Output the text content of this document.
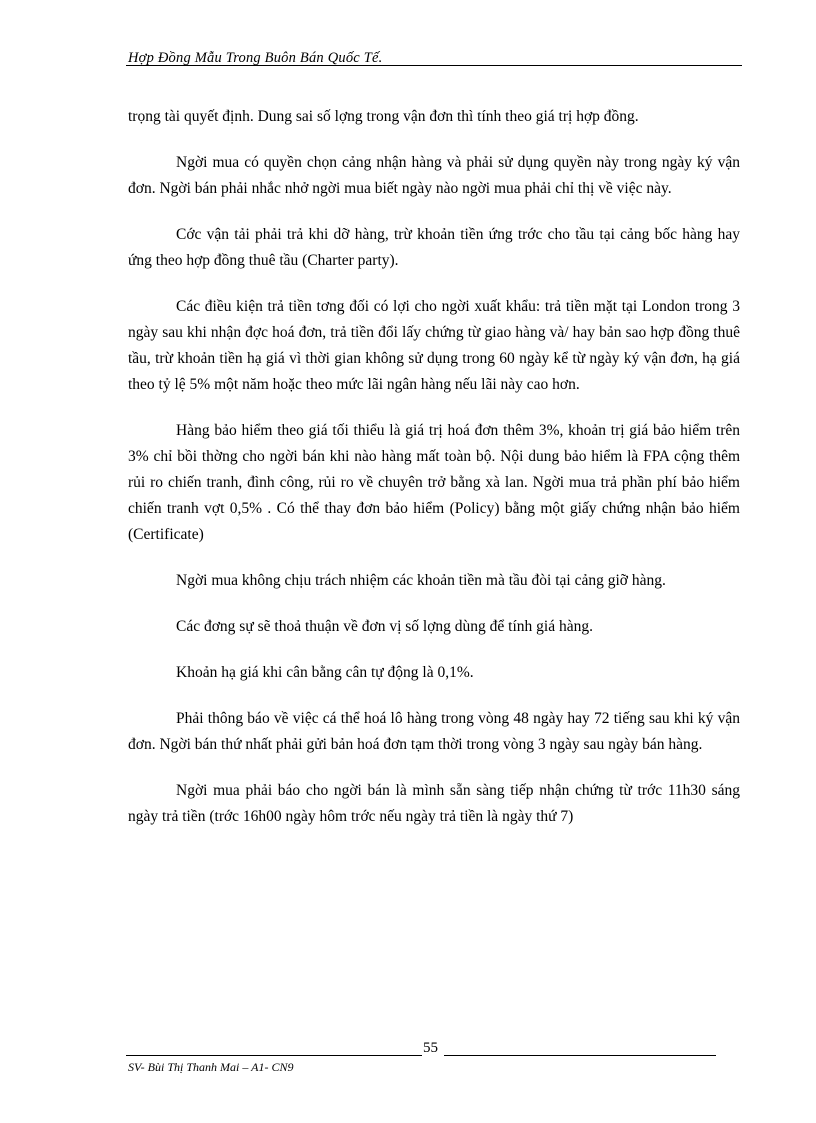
Hợp Đồng Mẫu Trong Buôn Bán Quốc Tế.

trọng tài quyết định. Dung sai số lợng trong vận đơn thì tính theo giá trị hợp đồng.

Ngời mua có quyền chọn cảng nhận hàng và phải sử dụng quyền này trong ngày ký vận đơn. Ngời bán phải nhắc nhở ngời mua biết ngày nào ngời mua phải chỉ thị về việc này.

Cớc vận tải phải trả khi dỡ hàng, trừ khoản tiền ứng trớc cho tầu tại cảng bốc hàng hay ứng theo hợp đồng thuê tầu (Charter party).

Các điều kiện trả tiền tơng đối có lợi cho ngời xuất khẩu: trả tiền mặt tại London trong 3 ngày sau khi nhận đợc hoá đơn, trả tiền đổi lấy chứng từ giao hàng và/ hay bản sao hợp đồng thuê tầu, trừ khoản tiền hạ giá vì thời gian không sử dụng trong 60 ngày kể từ ngày ký vận đơn, hạ giá theo tỷ lệ 5% một năm hoặc theo mức lãi ngân hàng nếu lãi này cao hơn.

Hàng bảo hiểm theo giá tối thiểu là giá trị hoá đơn thêm 3%, khoản trị giá bảo hiểm trên 3% chỉ bồi thờng cho ngời bán khi nào hàng mất toàn bộ. Nội dung bảo hiểm là FPA cộng thêm rủi ro chiến tranh, đình công, rủi ro về chuyên trở bằng xà lan. Ngời mua trả phần phí bảo hiểm chiến tranh vợt 0,5% . Có thể thay đơn bảo hiểm (Policy) bằng một giấy chứng nhận bảo hiểm (Certificate)

Ngời mua không chịu trách nhiệm các khoản tiền mà tầu đòi tại cảng giỡ hàng.

Các đơng sự sẽ thoả thuận về đơn vị số lợng dùng để tính giá hàng.

Khoản hạ giá khi cân bằng cân tự động là 0,1%.

Phải thông báo về việc cá thể hoá lô hàng trong vòng 48 ngày hay 72 tiếng sau khi ký vận đơn. Ngời bán thứ nhất phải gửi bản hoá đơn tạm thời trong vòng 3 ngày sau ngày bán hàng.

Ngời mua phải báo cho ngời bán là mình sẵn sàng tiếp nhận chứng từ trớc 11h30 sáng ngày trả tiền (trớc 16h00 ngày hôm trớc nếu ngày trả tiền là ngày thứ 7)

55
SV- Bùi Thị Thanh Mai – A1- CN9
